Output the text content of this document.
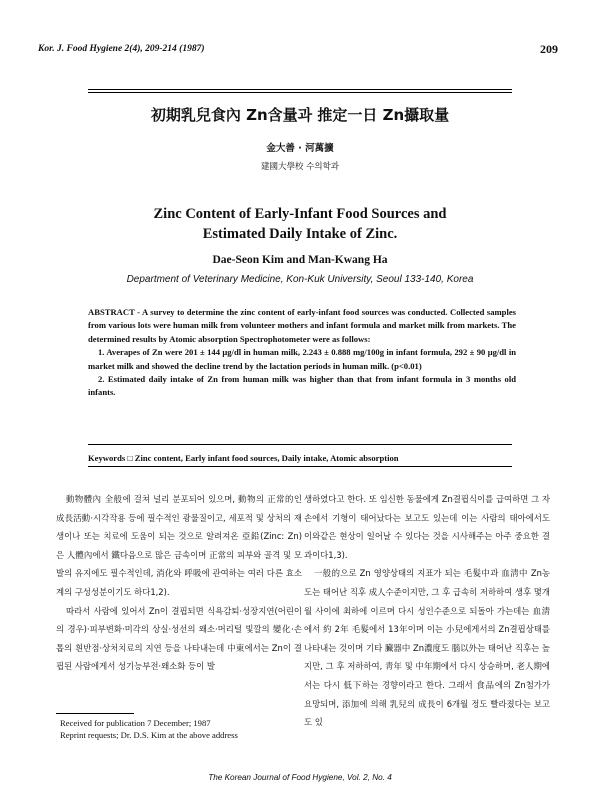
Kor. J. Food Hygiene 2(4), 209-214 (1987)	209
初期乳兒食內 Zn含量과 推定一日 Zn攝取量
金大善 · 河萬擴
建國大學校 수의학과
Zinc Content of Early-Infant Food Sources and
Estimated Daily Intake of Zinc.
Dae-Seon Kim and Man-Kwang Ha
Department of Veterinary Medicine, Kon-Kuk University, Seoul 133-140, Korea

ABSTRACT - A survey to determine the zinc content of early-infant food sources was conducted. Collected samples from various lots were human milk from volunteer mothers and infant formula and market milk from markets. The determined results by Atomic absorption Spectrophotometer were as follows:

1. Averapes of Zn were 201 ± 144 μg/dl in human milk, 2.243 ± 0.888 mg/100g in infant formula, 292 ± 90 μg/dl in market milk and showed the decline trend by the lactation periods in human milk. (p<0.01)

2. Estimated daily intake of Zn from human milk was higher than that from infant formula in 3 months old infants.

Keywords □ Zinc content, Early infant food sources, Daily intake, Atomic absorption

動物體內 全般에 걸쳐 널리 분포되어 있으며, 動物의 正常的인 成長活動·시각작용 등에 필수적인 광물질이고, 세포적 및 상처의 재생이나 또는 치료에 도움이 되는 것으로 알려져온 亞鉛(Zinc: Zn)은 人體內에서 鐵다음으로 많은 금속이며 正常의 피부와 골격 및 모발의 유지에도 필수적인데, 消化와 呼吸에 관여하는 여러 다른 효소계의 구성성분이기도 하다1,2).

따라서 사람에 있어서 Zn이 결핍되면 식욕감퇴·성장지연(어린이의 경우)·피부변화·미각의 상실·성선의 왜소·머리털 빛깔의 變化·손톱의 흰반점·상처치료의 지연 등을 나타내는데 中東에서는 Zn이 결핍된 사람에게서 성기능부전·왜소화 등이 발

생하였다고 한다. 또 임신한 동물에게 Zn결핍식이를 급여하면 그 자손에서 기형이 태어났다는 보고도 있는데 이는 사람의 태아에서도 이와같은 현상이 일어날 수 있다는 것을 시사해주는 아주 중요한 결과이다1,3).

一般的으로 Zn 영양상태의 지표가 되는 毛髮中과 血淸中 Zn농도는 태어난 직후 成人수준이지만, 그 후 급속히 저하하여 생후 몇개월 사이에 최하에 이르며 다시 성인수준으로 되돌아 가는데는 血淸에서 約 2年 毛髮에서 13年이며 이는 小兒에게서의 Zn결핍상태를 나타내는 것이며 기타 臟器中 Zn濃度도 腦以外는 태어난 직후는 높지만, 그 후 저하하여, 靑年 및 中年期에서 다시 상승하며, 老人期에서는 다시 低下하는 경향이라고 한다. 그래서 食品에의 Zn첨가가 요망되며, 添加에 의해 乳兒의 成長이 6개월 정도 빨라졌다는 보고도 있

Received for publication 7 December; 1987
Reprint requests; Dr. D.S. Kim at the above address
The Korean Journal of Food Hygiene, Vol. 2, No. 4
